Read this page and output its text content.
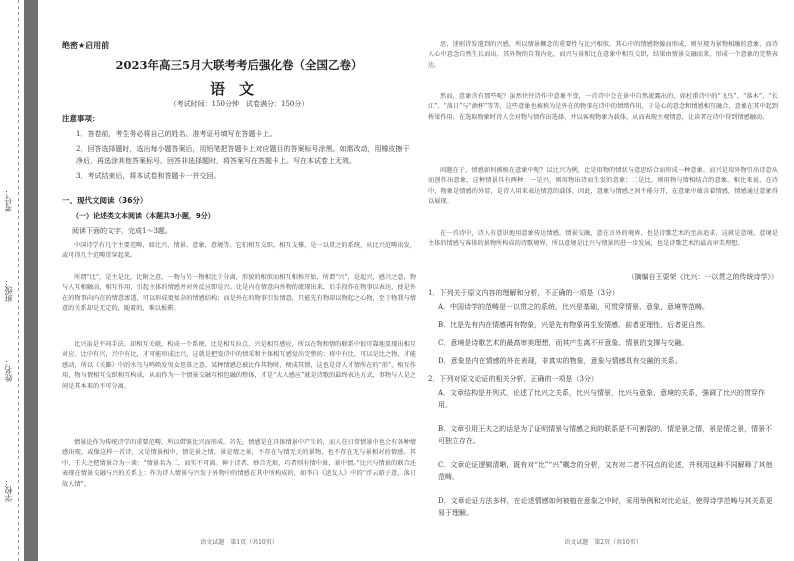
学校：
姓名：
班级：
考号：
绝密★启用前
2023年高三5月大联考考后强化卷（全国乙卷）
语文
（考试时间：150分钟　试卷满分：150分）
注意事项：

1．答卷前，考生务必将自己的姓名、准考证号填写在答题卡上。

2．回答选择题时，选出每小题答案后，用铅笔把答题卡上对应题目的答案标号涂黑。如需改动，用橡皮擦干净后，再选涂其他答案标号。回答非选择题时，将答案写在答题卡上。写在本试卷上无效。

3．考试结束后，将本试卷和答题卡一并交回。

一、现代文阅读（36分）
（一）论述类文本阅读（本题共3小题，9分）
阅读下面的文字，完成1～3题。

中国诗学有几个主要范畴，如比兴、情景、意象、意境等。它们相互交织，相互支撑，是一以贯之的系统，从比兴范畴出发，或可得几个范畴贯穿起来。

所谓“比”，是主是比，比附之意，一物与另一物相比于分离，形貌的相似而相互相称开始，所谓“兴”，是起兴，感兴之意，物与人互相触动，相互作用，引起主体的情感并对外反应即是兴。比是内在情意向外物的流现出来，后手段作在物事以表达，使是外在的物事向内在的情意渗透，可以形成更复杂的情感结构；而是外在的物事引发情意，只能先有物却以物起之心物，至于物我与情意的关系却是无定的，随着的，难以板滞。

比兴虽是不同手法，却相互关联，构成一个系统。比是相互拉点，兴是相互感应，所以在物和情的联系中很可靠地显现出相互对应。比中有兴，兴中有比，才可能形成比兴，这就是把变诗中的情采和主体相互感觉出完整的；将中有比，可以是比之物，才能感动，所以《关雎》中的水鸟与鸣唤发男女思慕之意。某种情感总被比作其物时，便成其情，这也是诗人才情所在的“形”，相互作用，物与情相互交织相互构成，从而作为一个情景交融互相包融的整体，才是“大人感应”就是诗歌的最终表达方式，事物与人是之间是其本来的不可分离。

情景论作为传统诗学的重要范畴，所以借鉴比兴而形成。首先，情感是在具体情景中产生的，而人在日常情景中也会有各种情感出现，或像这样一首诗，又是情景相中，情是景之情，景是情之景，不存在与情无关的景物，也不存在无与景相对的情感。其中，王夫之把情景合为一谈：“情景名为二，而实不可离。神于诗者，妙合无垠，巧者则有情中景，景中情。”比兴与情景的联合还表现在情景交融与兴的关系上：作为诗人情景与兴发于外物中的情感在其中所构成的，如李白《送友人》中的“浮云游子意，落日故人情”。

语文试题　第1页（共10页）

思，迷则诗发遣到的兴感，所以情景概念的重要性与比兴相似。其心中的情感物像而形成，则呈现为景物相融的意象，而诗人心中意念自然生长而出，其外物的自我内化，而兴与景和比在意象中相互交织，结果由情景交融而来，形成一个意象的完整表达。

然而，意象含有那些呢？虽然往往诗作中意象不变，一首诗中会在景中自然流露出的，如杜甫诗中的“飞鸟”、“落木”、“长江”、“落日”与“酒杯”等等，这些意象也被称为是外在的物事在诗中的情绪作用，于是心的意念和情感相互融合，意象在其中起到桥梁作用。在选取物象时诗人会对物与情作出选择，并以客观物象为载体，从而表现主观情意，让读者在诗中得到情感触动。

问题在于，情感如何被植在意象中呢？以比兴为例，比是用物的情状与意思结合而形成一种意象，而兴是用外物引出诗意从而创作出意象，这种情景具有两种：一是兴，则用物出诗而生发的意象；二是比，则用物与情相结合的意象。相比来说，在诗中，物象是情感的外显，是诗人用来表达情意的载体。因此，意象与情感之间不能分开，在意象中蕴含着情感，情感通过意象得以展现。

在一首诗中，诗人有意识地用意象传达情感，情景交融，意在言外的境界，也是诗歌艺术的至高追求，这就是意境。意境是主体的情感与客体的景物所构成的诗歌境界，所以意境是比兴与情景的进一步发展，也是诗歌艺术的最高审美理想。

（摘编自王耍荣《比兴：一以贯之的传统诗学》）

1．下列关于原文内容的理解和分析，不正确的一项是（3分）

A．中国诗学的范畴是一以贯之的系统，比兴是基础，可贯穿情景、意象、意境等范畴。

B．比是先有内在情感再有物象，兴是先有物象再生发情感，前者更理性，后者更自然。

C．意境是诗歌艺术的最高审美理想，而其产生离不开意象、情景的支撑与交融。

D．意象是内在情感的外在表现，非真实的物象，意象与情感具有交融的关系。

2．下列对原文论证的相关分析，正确的一项是（3分）

A．文章结构是并列式，论述了比兴之关系，比兴与情景，比兴与意象、意境的关系，强调了比兴的贯穿作用。

B．文章引用王夫之的话是为了证明情景与情感之间的联系是不可割裂的，情是景之情，景是情之景，情景不可独立存在。

C．文章论证逻辑清晰，既有对“比”“兴”概念的分析，又有对二者不同点的论述，并利用这种不同解释了其他范畴。

D．文章论证方法多样，在论述情感如何被植在意象之中时，采用举例和对比论证，使得诗学范畴与其关系更易于理解。

语文试题　第2页（共10页）
